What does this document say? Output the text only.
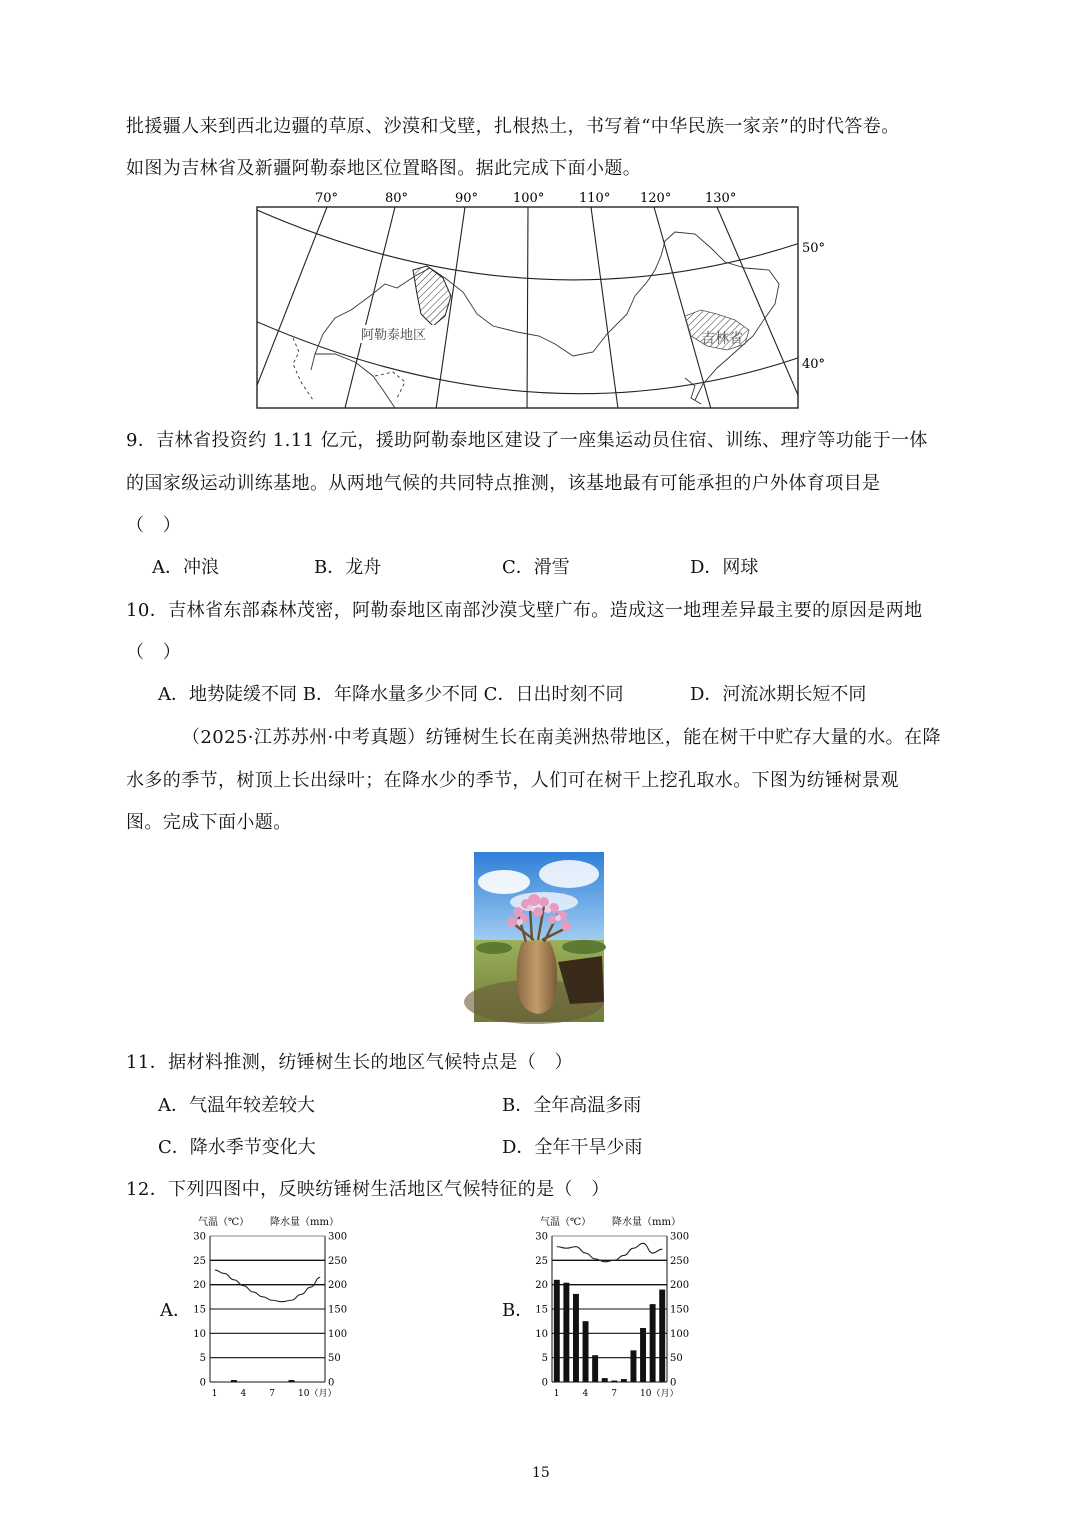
批援疆人来到西北边疆的草原、沙漠和戈壁，扎根热土，书写着“中华民族一家亲”的时代答卷。
如图为吉林省及新疆阿勒泰地区位置略图。据此完成下面小题。
70°	80°	90°	100°	110° 120°	130°
50°
40°
阿勒泰地区	吉林省
9．吉林省投资约 1.11 亿元，援助阿勒泰地区建设了一座集运动员住宿、训练、理疗等功能于一体
的国家级运动训练基地。从两地气候的共同特点推测，该基地最有可能承担的户外体育项目是
（　）
A．冲浪	B．龙舟	C．滑雪	D．网球
10．吉林省东部森林茂密，阿勒泰地区南部沙漠戈壁广布。造成这一地理差异最主要的原因是两地
（　）
A．地势陡缓不同 B．年降水量多少不同 C．日出时刻不同	D．河流冰期长短不同
（2025·江苏苏州·中考真题）纺锤树生长在南美洲热带地区，能在树干中贮存大量的水。在降
水多的季节，树顶上长出绿叶；在降水少的季节，人们可在树干上挖孔取水。下图为纺锤树景观
图。完成下面小题。
11．据材料推测，纺锤树生长的地区气候特点是（　）
A．气温年较差较大	B．全年高温多雨
C．降水季节变化大	D．全年干旱少雨
12．下列四图中，反映纺锤树生活地区气候特征的是（　）
A．
气温（℃） 降水量（mm）
30
25
20
15
10
5
0
300
250
200
150
100
50
0
1	4	7	10（月）
B．
气温（℃） 降水量（mm）
30
25
20
15
10
5
0
300
250
200
150
100
50
0
1	4	7	10（月）
15
